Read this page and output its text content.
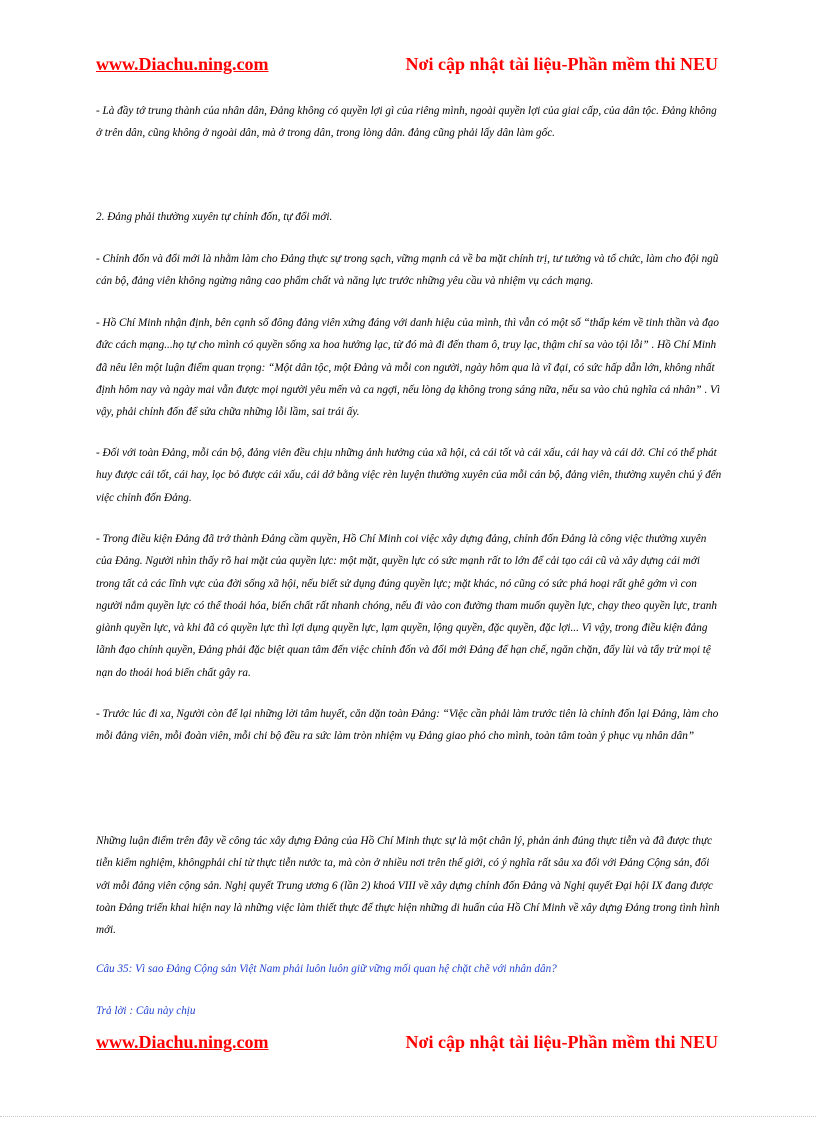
www.Diachu.ning.com	Nơi cập nhật tài liệu-Phần mềm thi NEU

- Là đầy tớ trung thành của nhân dân, Đảng không có quyền lợi gì của riêng mình, ngoài quyền lợi của giai cấp, của dân tộc. Đảng không ở trên dân, cũng không ở ngoài dân, mà ở trong dân, trong lòng dân. đảng cũng phải lấy dân làm gốc.

2. Đảng phải thường xuyên tự chỉnh đốn, tự đổi mới.

- Chỉnh đốn và đổi mới là nhằm làm cho Đảng thực sự trong sạch, vững mạnh cả về ba mặt chính trị, tư tưởng và tổ chức, làm cho đội ngũ cán bộ, đảng viên không ngừng nâng cao phẩm chất và năng lực trước những yêu cầu và nhiệm vụ cách mạng.

- Hồ Chí Minh nhận định, bên cạnh số đông đảng viên xứng đáng với danh hiệu của mình, thì vẫn có một số “thấp kém về tinh thần và đạo đức cách mạng...họ tự cho mình có quyền sống xa hoa hưởng lạc, từ đó mà đi đến tham ô, truy lạc, thậm chí sa vào tội lỗi” . Hồ Chí Minh đã nêu lên một luận điểm quan trọng: “Một dân tộc, một Đảng và mỗi con người, ngày hôm qua là vĩ đại, có sức hấp dẫn lớn, không nhất định hôm nay và ngày mai vẫn được mọi người yêu mến và ca ngợi, nếu lòng dạ không trong sáng nữa, nếu sa vào chủ nghĩa cá nhân” . Vì vậy, phải chỉnh đốn để sửa chữa những lỗi lầm, sai trái ấy.

- Đối với toàn Đảng, mỗi cán bộ, đảng viên đều chịu những ảnh hưởng của xã hội, cả cái tốt và cái xấu, cái hay và cái dở. Chỉ có thể phát huy được cái tốt, cái hay, lọc bỏ được cái xấu, cái dở bằng việc rèn luyện thường xuyên của mỗi cán bộ, đảng viên, thường xuyên chú ý đến việc chỉnh đốn Đảng.

- Trong điều kiện Đảng đã trở thành Đảng cầm quyền, Hồ Chí Minh coi việc xây dựng đảng, chỉnh đốn Đảng là công việc thường xuyên của Đảng. Người nhìn thấy rõ hai mặt của quyền lực: một mặt, quyền lực có sức mạnh rất to lớn để cải tạo cái cũ và xây dựng cái mới trong tất cả các lĩnh vực của đời sống xã hội, nếu biết sử dụng đúng quyền lực; mặt khác, nó cũng có sức phá hoại rất ghê gớm vì con người nắm quyền lực có thể thoái hóa, biến chất rất nhanh chóng, nếu đi vào con đường tham muốn quyền lực, chạy theo quyền lực, tranh giành quyền lực, và khi đã có quyền lực thì lợi dụng quyền lực, lạm quyền, lộng quyền, đặc quyền, đặc lợi... Vì vậy, trong điều kiện đảng lãnh đạo chính quyền, Đảng phải đặc biệt quan tâm đến việc chỉnh đốn và đổi mới Đảng để hạn chế, ngăn chặn, đẩy lùi và tẩy trừ mọi tệ nạn do thoái hoá biến chất gây ra.

- Trước lúc đi xa, Người còn để lại những lời tâm huyết, căn dặn toàn Đảng: “Việc cần phải làm trước tiên là chỉnh đốn lại Đảng, làm cho mỗi đảng viên, mỗi đoàn viên, mỗi chi bộ đều ra sức làm tròn nhiệm vụ Đảng giao phó cho mình, toàn tâm toàn ý phục vụ nhân dân”

Những luận điểm trên đây về công tác xây dựng Đảng của Hồ Chí Minh thực sự là một chân lý, phản ánh đúng thực tiễn và đã được thực tiễn kiểm nghiệm, khôngphải chỉ từ thực tiễn nước ta, mà còn ở nhiều nơi trên thế giới, có ý nghĩa rất sâu xa đối với Đảng Cộng sản, đối với mỗi đảng viên cộng sản. Nghị quyết Trung ương 6 (lần 2) khoá VIII về xây dựng chỉnh đốn Đảng và Nghị quyết Đại hội IX đang được toàn Đảng triển khai hiện nay là những việc làm thiết thực để thực hiện những di huấn của Hồ Chí Minh về xây dựng Đảng trong tình hình mới.

Câu 35: Vì sao Đảng Cộng sản Việt Nam phải luôn luôn giữ vững mối quan hệ chặt chẽ với nhân dân?

Trả lời : Câu này chịu

www.Diachu.ning.com	Nơi cập nhật tài liệu-Phần mềm thi NEU
